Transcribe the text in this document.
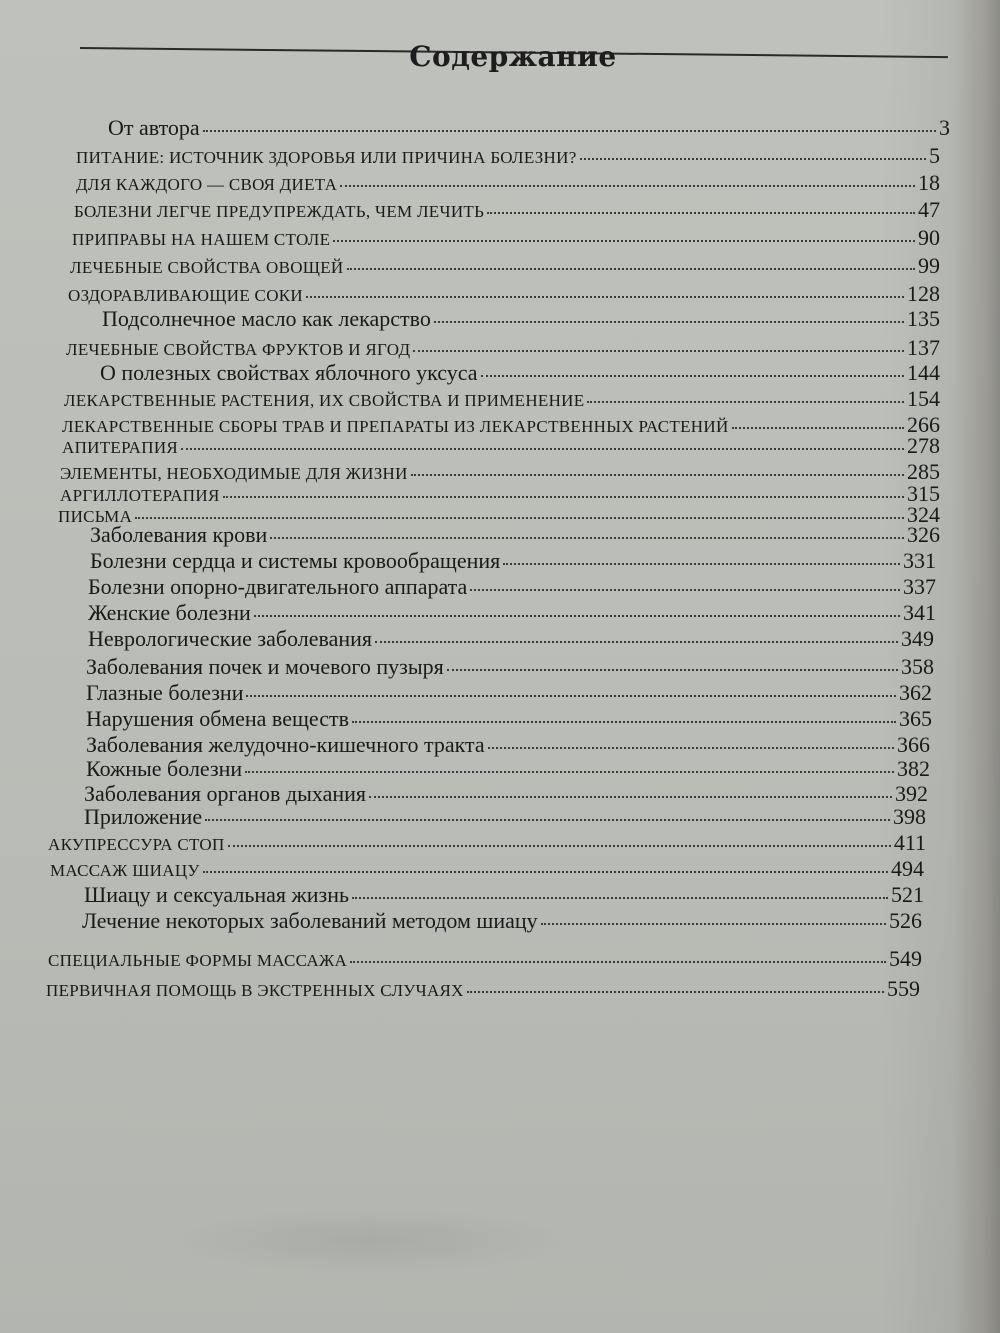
Содержание
От автора	3
ПИТАНИЕ: ИСТОЧНИК ЗДОРОВЬЯ ИЛИ ПРИЧИНА БОЛЕЗНИ?	5
ДЛЯ КАЖДОГО — СВОЯ ДИЕТА	18
БОЛЕЗНИ ЛЕГЧЕ ПРЕДУПРЕЖДАТЬ, ЧЕМ ЛЕЧИТЬ	47
ПРИПРАВЫ НА НАШЕМ СТОЛЕ	90
ЛЕЧЕБНЫЕ СВОЙСТВА ОВОЩЕЙ	99
ОЗДОРАВЛИВАЮЩИЕ СОКИ	128
Подсолнечное масло как лекарство	135
ЛЕЧЕБНЫЕ СВОЙСТВА ФРУКТОВ И ЯГОД	137
О полезных свойствах яблочного уксуса	144
ЛЕКАРСТВЕННЫЕ РАСТЕНИЯ, ИХ СВОЙСТВА И ПРИМЕНЕНИЕ	154
ЛЕКАРСТВЕННЫЕ СБОРЫ ТРАВ И ПРЕПАРАТЫ ИЗ ЛЕКАРСТВЕННЫХ РАСТЕНИЙ	266
АПИТЕРАПИЯ	278
ЭЛЕМЕНТЫ, НЕОБХОДИМЫЕ ДЛЯ ЖИЗНИ	285
АРГИЛЛОТЕРАПИЯ	315
ПИСЬМА	324
Заболевания крови	326
Болезни сердца и системы кровообращения	331
Болезни опорно-двигательного аппарата	337
Женские болезни	341
Неврологические заболевания	349
Заболевания почек и мочевого пузыря	358
Глазные болезни	362
Нарушения обмена веществ	365
Заболевания желудочно-кишечного тракта	366
Кожные болезни	382
Заболевания органов дыхания	392
Приложение	398
АКУПРЕССУРА СТОП	411
МАССАЖ ШИАЦУ	494
Шиацу и сексуальная жизнь	521
Лечение некоторых заболеваний методом шиацу	526
СПЕЦИАЛЬНЫЕ ФОРМЫ МАССАЖА	549
ПЕРВИЧНАЯ ПОМОЩЬ В ЭКСТРЕННЫХ СЛУЧАЯХ	559
